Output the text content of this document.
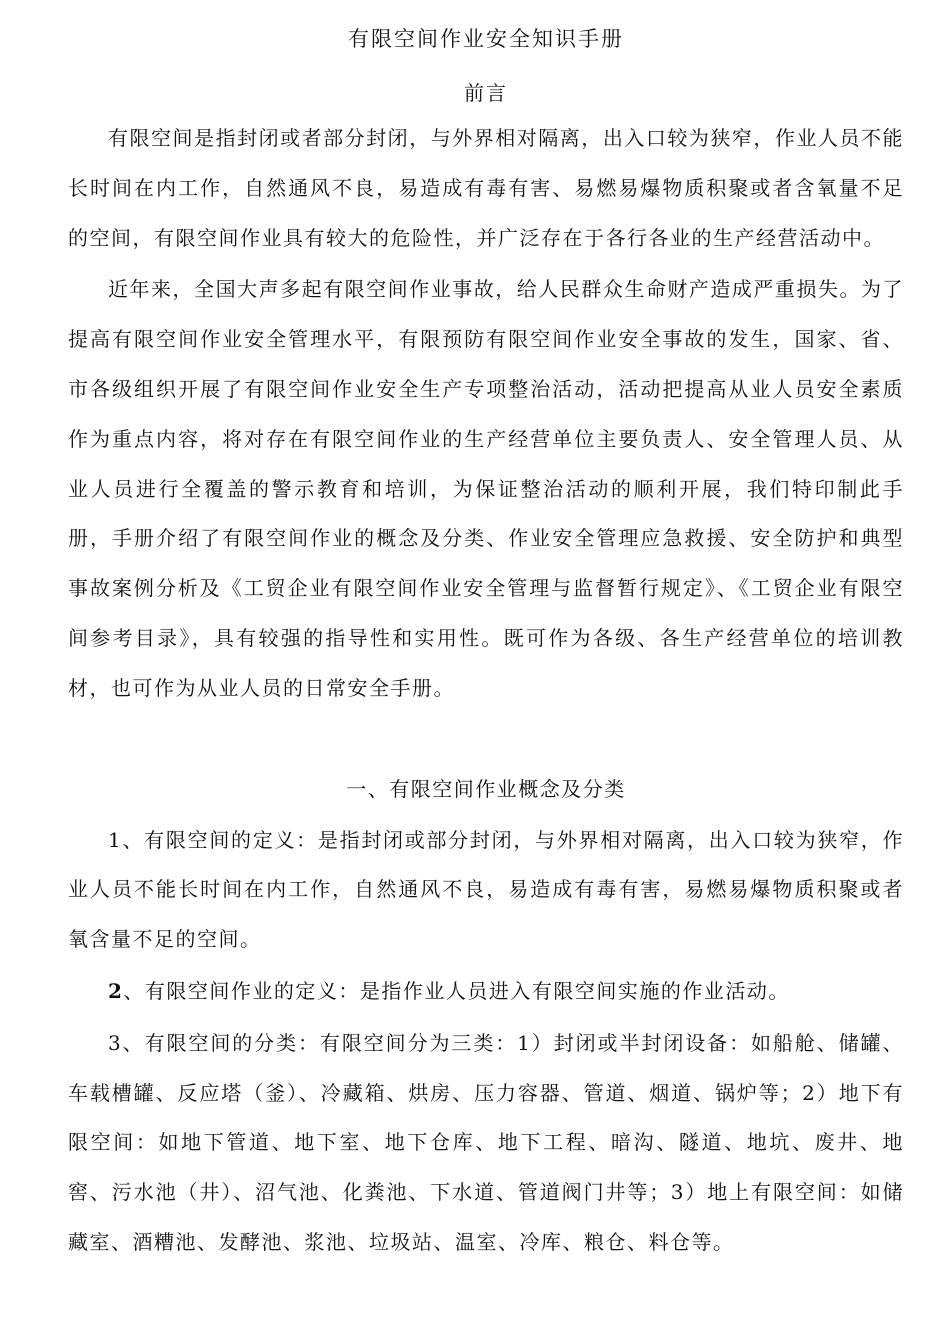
有限空间作业安全知识手册
前言

有限空间是指封闭或者部分封闭，与外界相对隔离，出入口较为狭窄，作业人员不能长时间在内工作，自然通风不良，易造成有毒有害、易燃易爆物质积聚或者含氧量不足的空间，有限空间作业具有较大的危险性，并广泛存在于各行各业的生产经营活动中。

近年来，全国大声多起有限空间作业事故，给人民群众生命财产造成严重损失。为了提高有限空间作业安全管理水平，有限预防有限空间作业安全事故的发生，国家、省、市各级组织开展了有限空间作业安全生产专项整治活动，活动把提高从业人员安全素质作为重点内容，将对存在有限空间作业的生产经营单位主要负责人、安全管理人员、从业人员进行全覆盖的警示教育和培训，为保证整治活动的顺利开展，我们特印制此手册，手册介绍了有限空间作业的概念及分类、作业安全管理应急救援、安全防护和典型事故案例分析及《工贸企业有限空间作业安全管理与监督暂行规定》、《工贸企业有限空间参考目录》，具有较强的指导性和实用性。既可作为各级、各生产经营单位的培训教材，也可作为从业人员的日常安全手册。

一、有限空间作业概念及分类

1、有限空间的定义：是指封闭或部分封闭，与外界相对隔离，出入口较为狭窄，作业人员不能长时间在内工作，自然通风不良，易造成有毒有害，易燃易爆物质积聚或者氧含量不足的空间。

2、有限空间作业的定义：是指作业人员进入有限空间实施的作业活动。

3、有限空间的分类：有限空间分为三类：1）封闭或半封闭设备：如船舱、储罐、车载槽罐、反应塔（釜）、冷藏箱、烘房、压力容器、管道、烟道、锅炉等；2）地下有限空间：如地下管道、地下室、地下仓库、地下工程、暗沟、隧道、地坑、废井、地窖、污水池（井）、沼气池、化粪池、下水道、管道阀门井等；3）地上有限空间：如储藏室、酒糟池、发酵池、浆池、垃圾站、温室、冷库、粮仓、料仓等。
